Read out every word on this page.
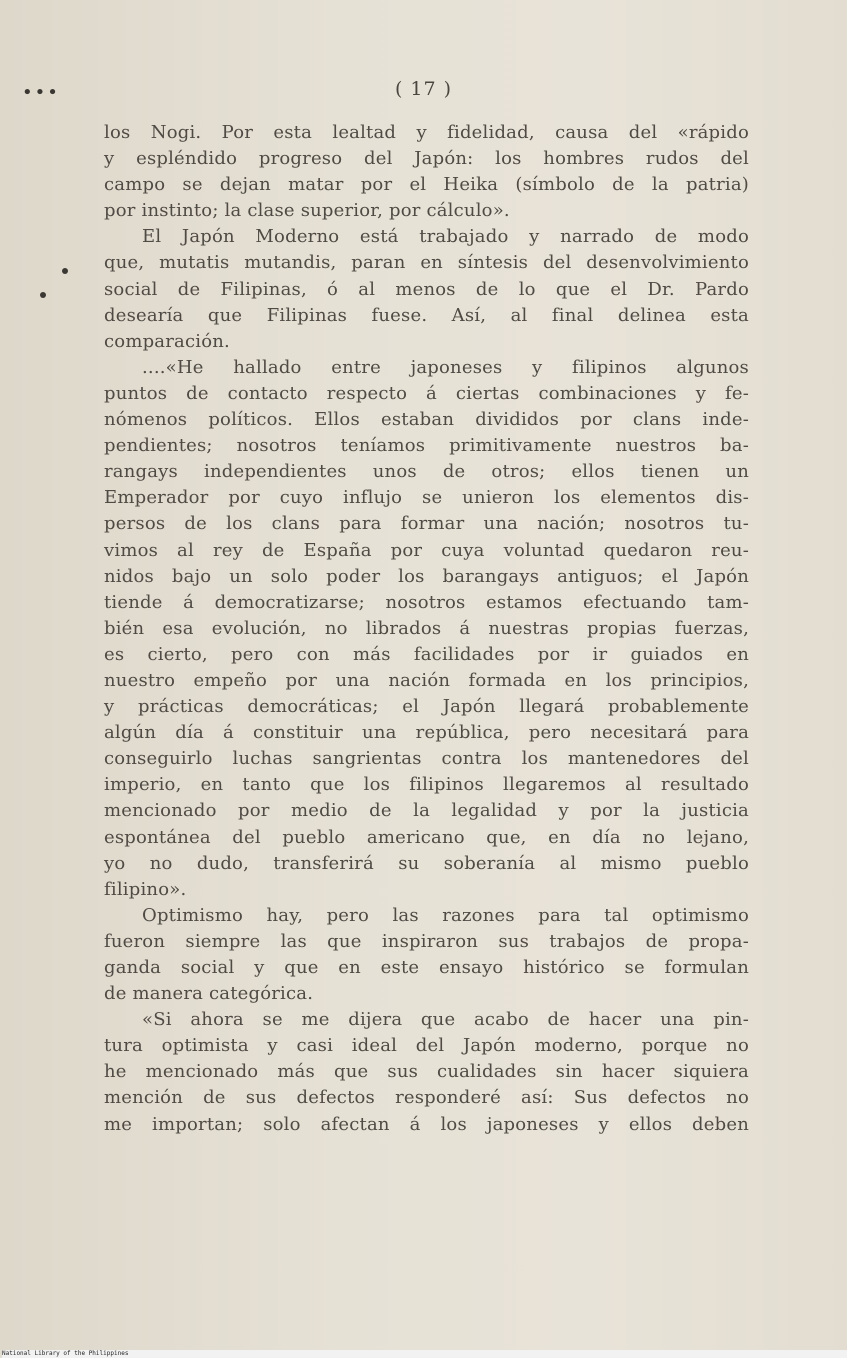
•••	( 17 )
los Nogi. Por esta lealtad y fidelidad, causa del «rápido
y espléndido progreso del Japón: los hombres rudos del
campo se dejan matar por el Heika (símbolo de la patria)
por instinto; la clase superior, por cálculo».
El Japón Moderno está trabajado y narrado de modo
que, mutatis mutandis, paran en síntesis del desenvolvimiento
social de Filipinas, ó al menos de lo que el Dr. Pardo
desearía que Filipinas fuese. Así, al final delinea esta
comparación.
....«He hallado entre japoneses y filipinos algunos
puntos de contacto respecto á ciertas combinaciones y fe-
nómenos políticos. Ellos estaban divididos por clans inde-
pendientes; nosotros teníamos primitivamente nuestros ba-
rangays independientes unos de otros; ellos tienen un
Emperador por cuyo influjo se unieron los elementos dis-
persos de los clans para formar una nación; nosotros tu-
vimos al rey de España por cuya voluntad quedaron reu-
nidos bajo un solo poder los barangays antiguos; el Japón
tiende á democratizarse; nosotros estamos efectuando tam-
bién esa evolución, no librados á nuestras propias fuerzas,
es cierto, pero con más facilidades por ir guiados en
nuestro empeño por una nación formada en los principios,
y prácticas democráticas; el Japón llegará probablemente
algún día á constituir una república, pero necesitará para
conseguirlo luchas sangrientas contra los mantenedores del
imperio, en tanto que los filipinos llegaremos al resultado
mencionado por medio de la legalidad y por la justicia
espontánea del pueblo americano que, en día no lejano,
yo no dudo, transferirá su soberanía al mismo pueblo
filipino».
Optimismo hay, pero las razones para tal optimismo
fueron siempre las que inspiraron sus trabajos de propa-
ganda social y que en este ensayo histórico se formulan
de manera categórica.
«Si ahora se me dijera que acabo de hacer una pin-
tura optimista y casi ideal del Japón moderno, porque no
he mencionado más que sus cualidades sin hacer siquiera
mención de sus defectos responderé así: Sus defectos no
me importan; solo afectan á los japoneses y ellos deben
National Library of the Philippines
